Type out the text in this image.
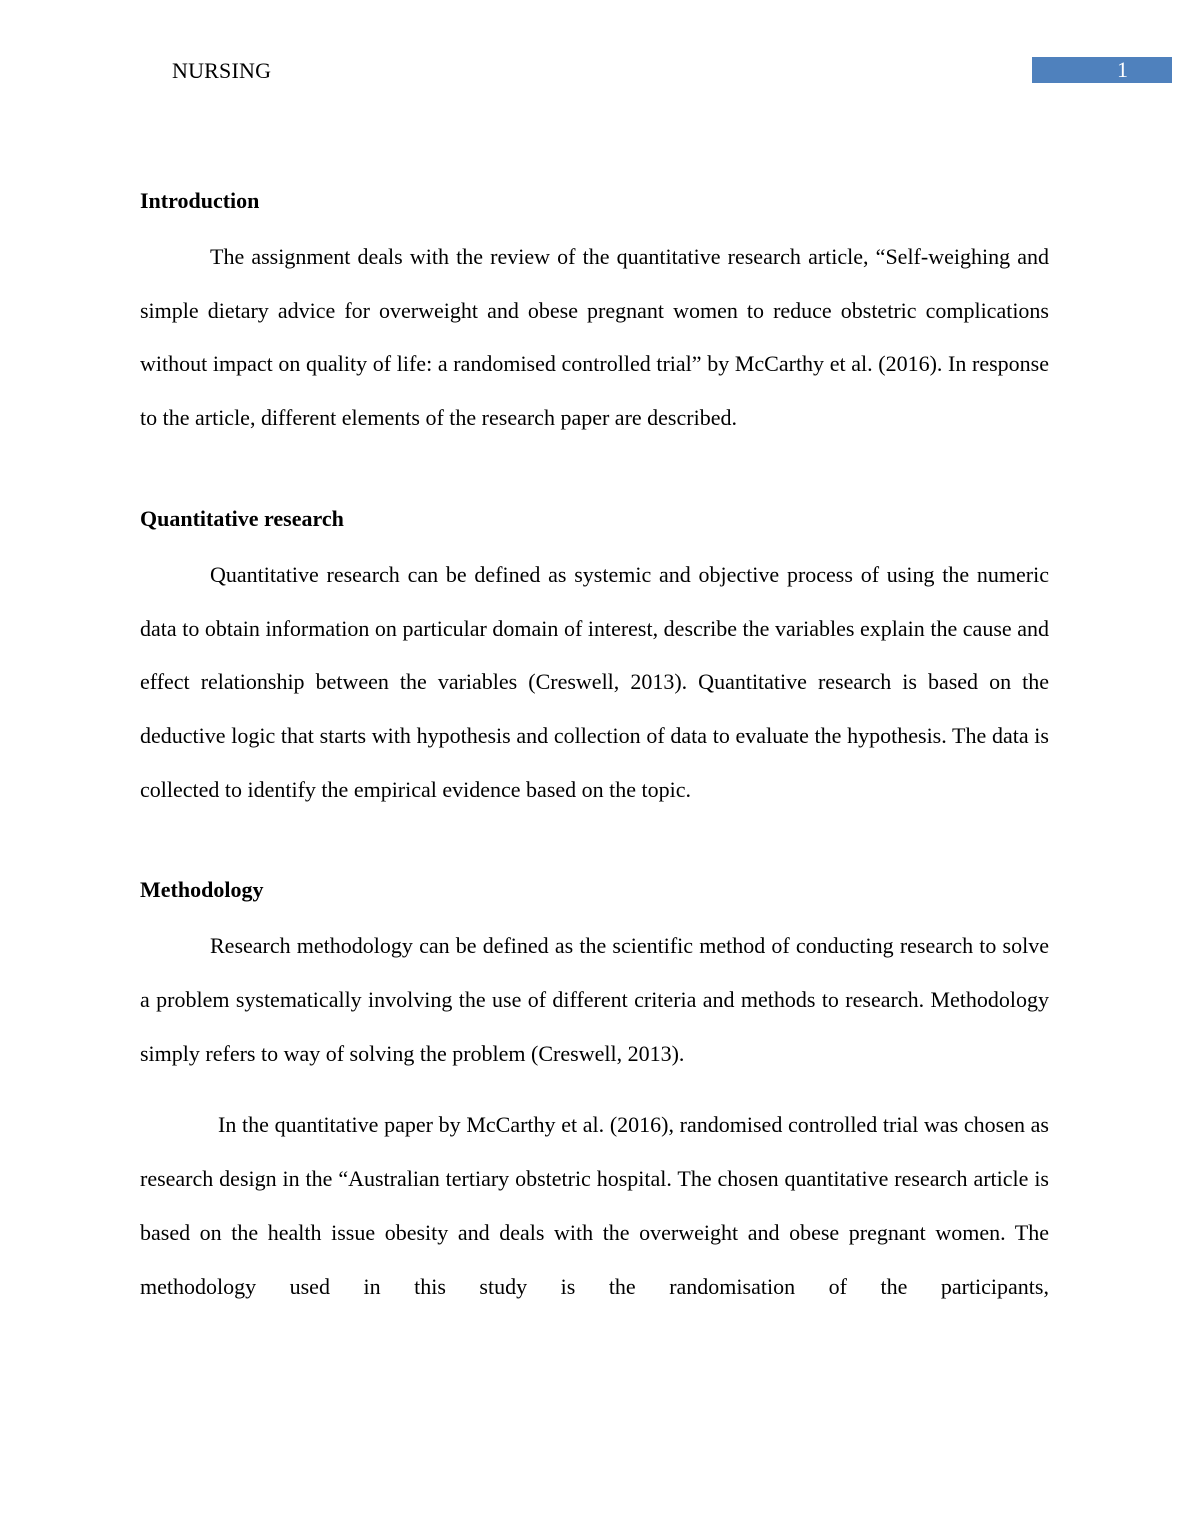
NURSING	1
Introduction

The assignment deals with the review of the quantitative research article, “Self-weighing and simple dietary advice for overweight and obese pregnant women to reduce obstetric complications without impact on quality of life: a randomised controlled trial” by McCarthy et al. (2016). In response to the article, different elements of the research paper are described.

Quantitative research

Quantitative research can be defined as systemic and objective process of using the numeric data to obtain information on particular domain of interest, describe the variables explain the cause and effect relationship between the variables (Creswell, 2013). Quantitative research is based on the deductive logic that starts with hypothesis and collection of data to evaluate the hypothesis. The data is collected to identify the empirical evidence based on the topic.

Methodology

Research methodology can be defined as the scientific method of conducting research to solve a problem systematically involving the use of different criteria and methods to research. Methodology simply refers to way of solving the problem (Creswell, 2013).

In the quantitative paper by McCarthy et al. (2016), randomised controlled trial was chosen as research design in the “Australian tertiary obstetric hospital. The chosen quantitative research article is based on the health issue obesity and deals with the overweight and obese pregnant women. The methodology used in this study is the randomisation of the participants,
